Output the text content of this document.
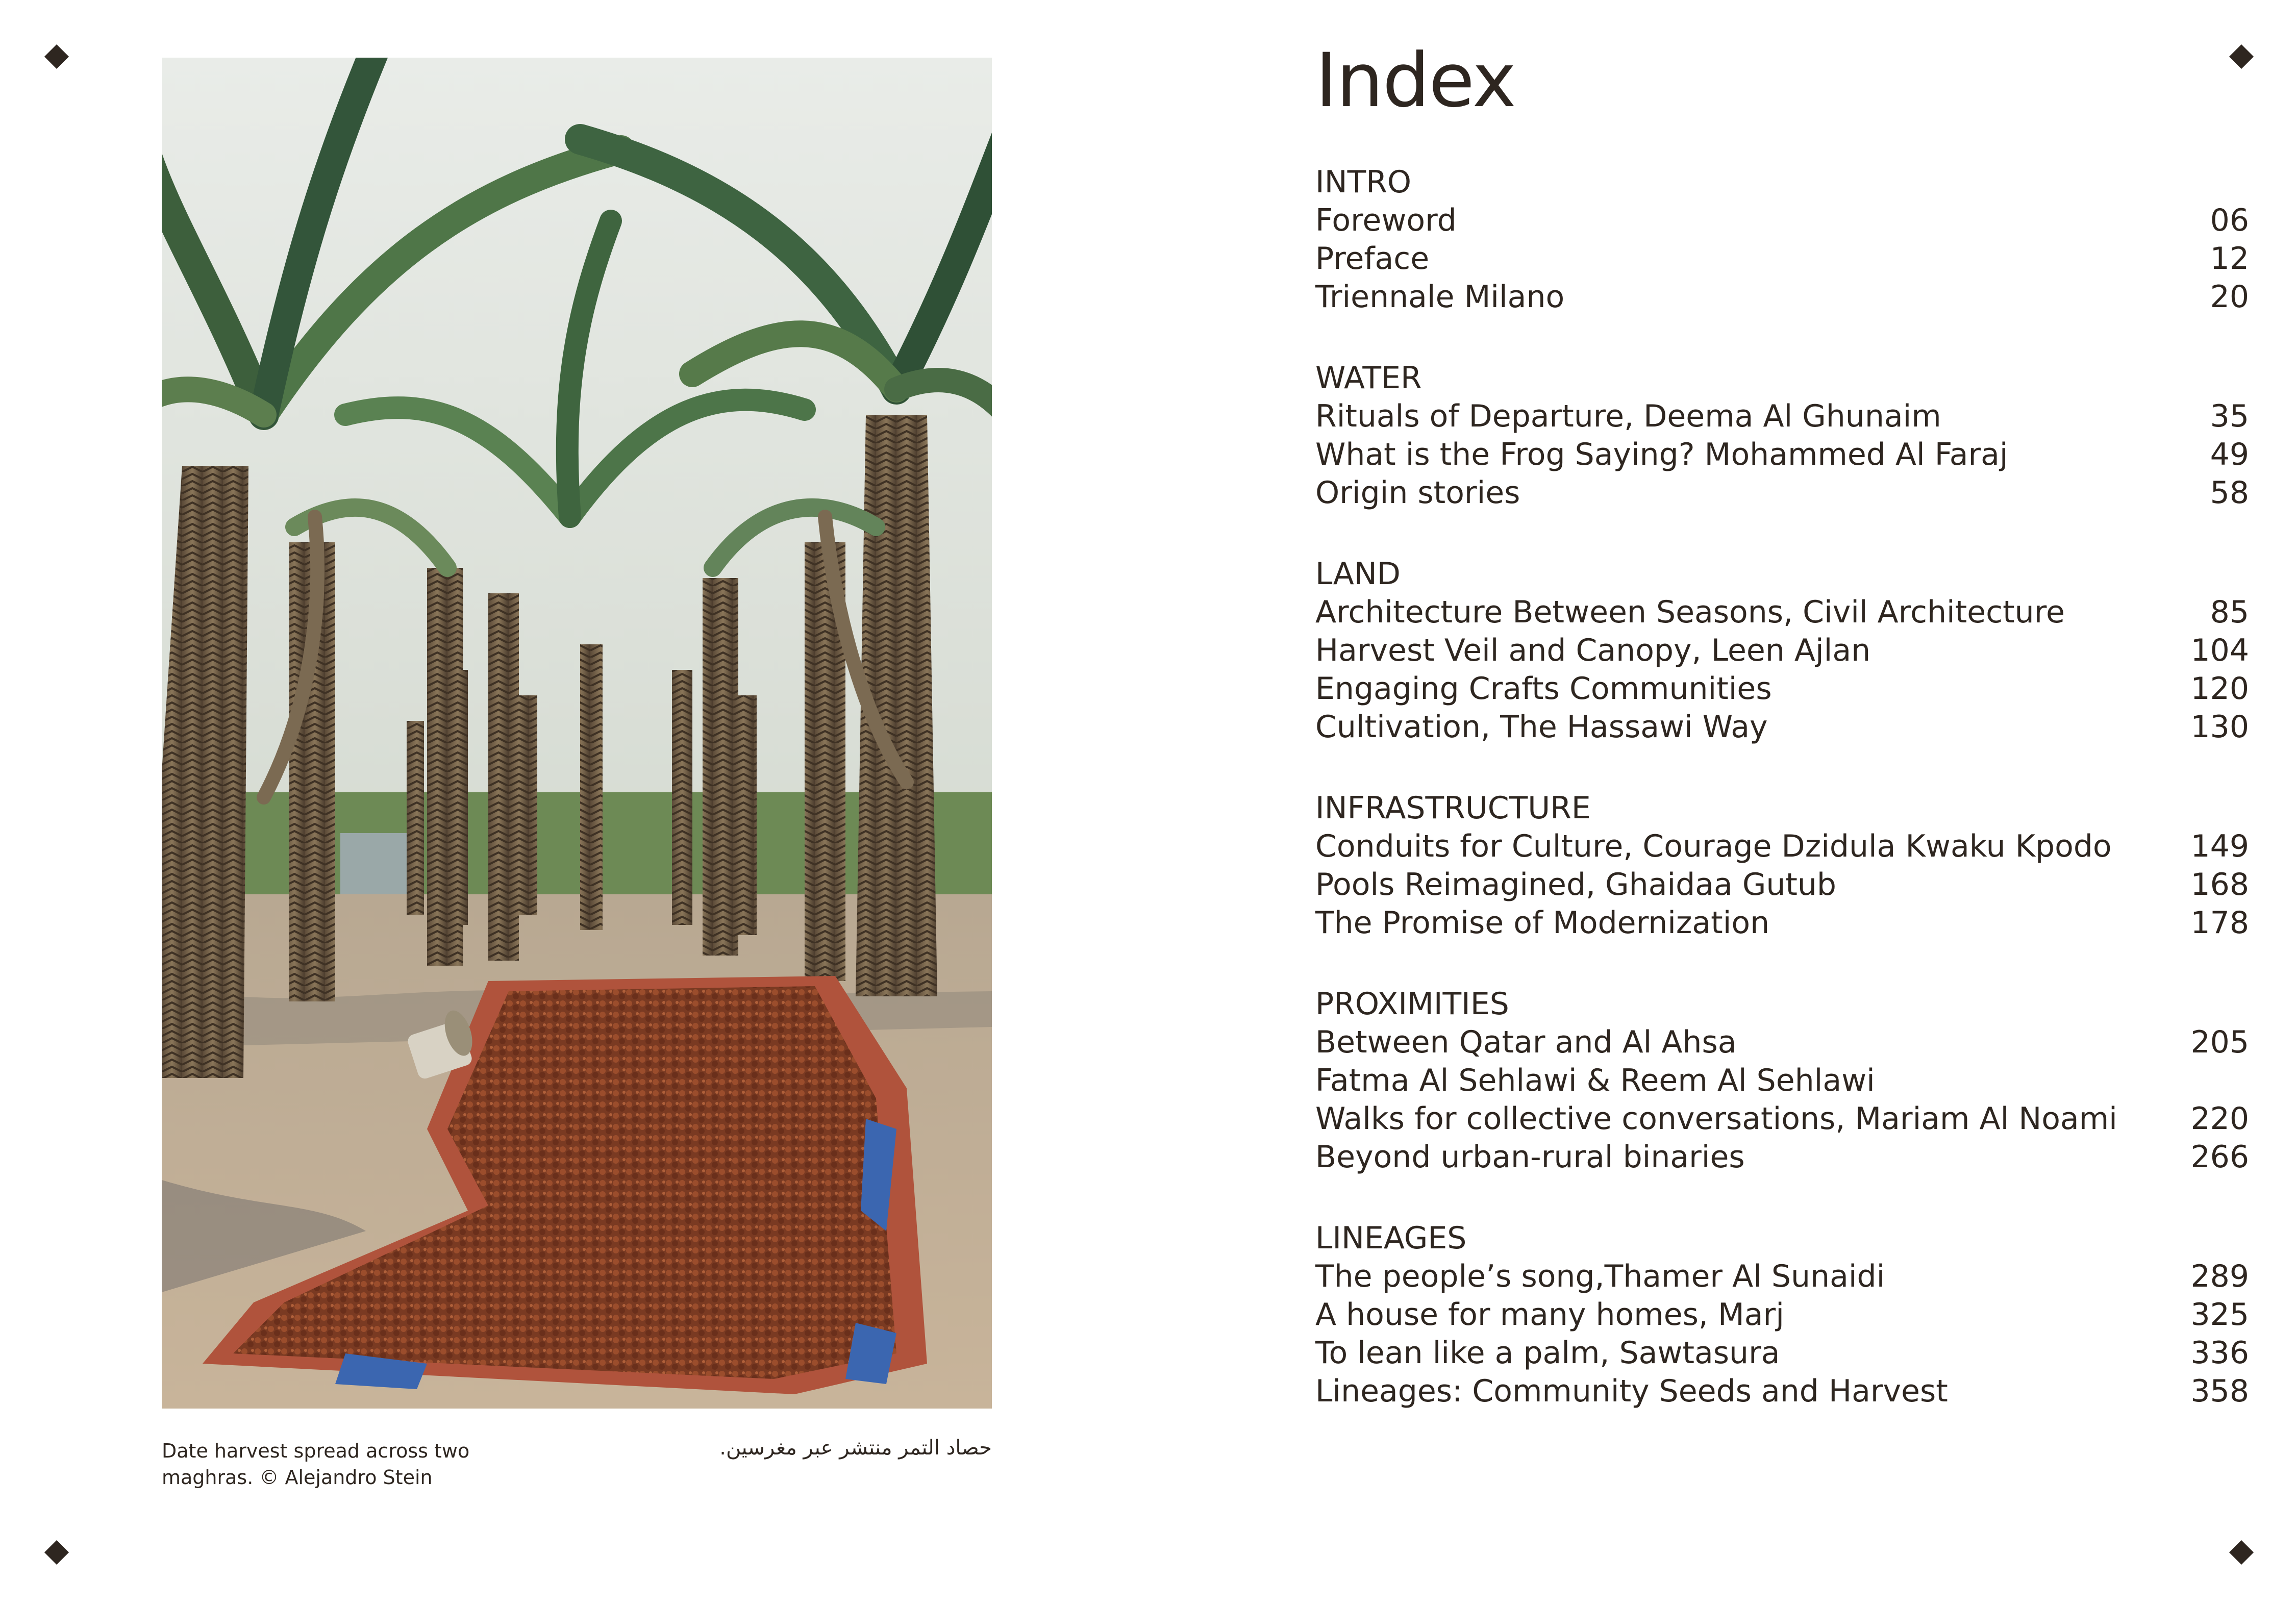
Date harvest spread across two maghras. © Alejandro Stein
حصاد التمر منتشر عبر مغرسين.
Index
INTRO
Foreword	06
Preface	12
Triennale Milano	20
WATER
Rituals of Departure, Deema Al Ghunaim	35
What is the Frog Saying? Mohammed Al Faraj	49
Origin stories	58
LAND
Architecture Between Seasons, Civil Architecture	85
Harvest Veil and Canopy, Leen Ajlan	104
Engaging Crafts Communities	120
Cultivation, The Hassawi Way	130
INFRASTRUCTURE
Conduits for Culture, Courage Dzidula Kwaku Kpodo	149
Pools Reimagined, Ghaidaa Gutub	168
The Promise of Modernization	178
PROXIMITIES
Between Qatar and Al Ahsa	205
Fatma Al Sehlawi & Reem Al Sehlawi
Walks for collective conversations, Mariam Al Noami 220
Beyond urban-rural binaries	266
LINEAGES
The people’s song,Thamer Al Sunaidi	289
A house for many homes, Marj	325
To lean like a palm, Sawtasura	336
Lineages: Community Seeds and Harvest	358
